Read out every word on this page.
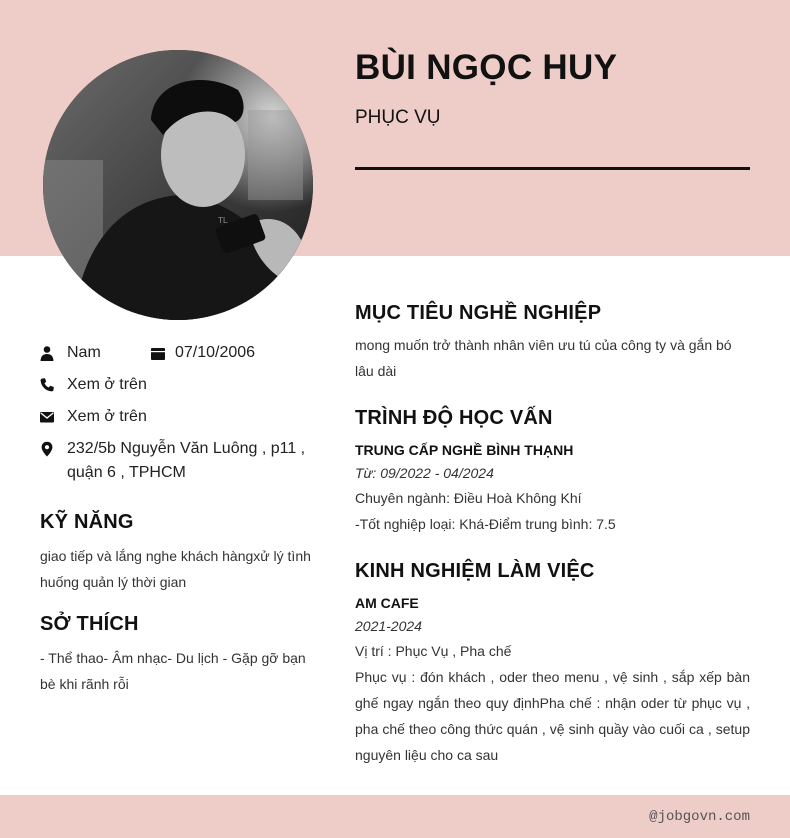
TL
BÙI NGỌC HUY
PHỤC VỤ
Nam	07/10/2006
Xem ở trên
Xem ở trên
232/5b Nguyễn Văn Luông , p11 , quận 6 , TPHCM
KỸ NĂNG
giao tiếp và lắng nghe khách hàngxử lý tình huống quản lý thời gian
SỞ THÍCH
- Thể thao- Âm nhạc- Du lịch - Gặp gỡ bạn bè khi rãnh rỗi
MỤC TIÊU NGHỀ NGHIỆP
mong muốn trở thành nhân viên ưu tú của công ty và gắn bó lâu dài
TRÌNH ĐỘ HỌC VẤN
TRUNG CẤP NGHỀ BÌNH THẠNH
Từ: 09/2022 - 04/2024
Chuyên ngành: Điều Hoà Không Khí
-Tốt nghiệp loại: Khá-Điểm trung bình: 7.5
KINH NGHIỆM LÀM VIỆC
AM CAFE
2021-2024
Vị trí : Phục Vụ , Pha chế
Phục vụ : đón khách , oder theo menu , vệ sinh , sắp xếp bàn ghế ngay ngắn theo quy địnhPha chế : nhận oder từ phục vụ , pha chế theo công thức quán , vệ sinh quầy vào cuối ca , setup nguyên liệu cho ca sau
@jobgovn.com
